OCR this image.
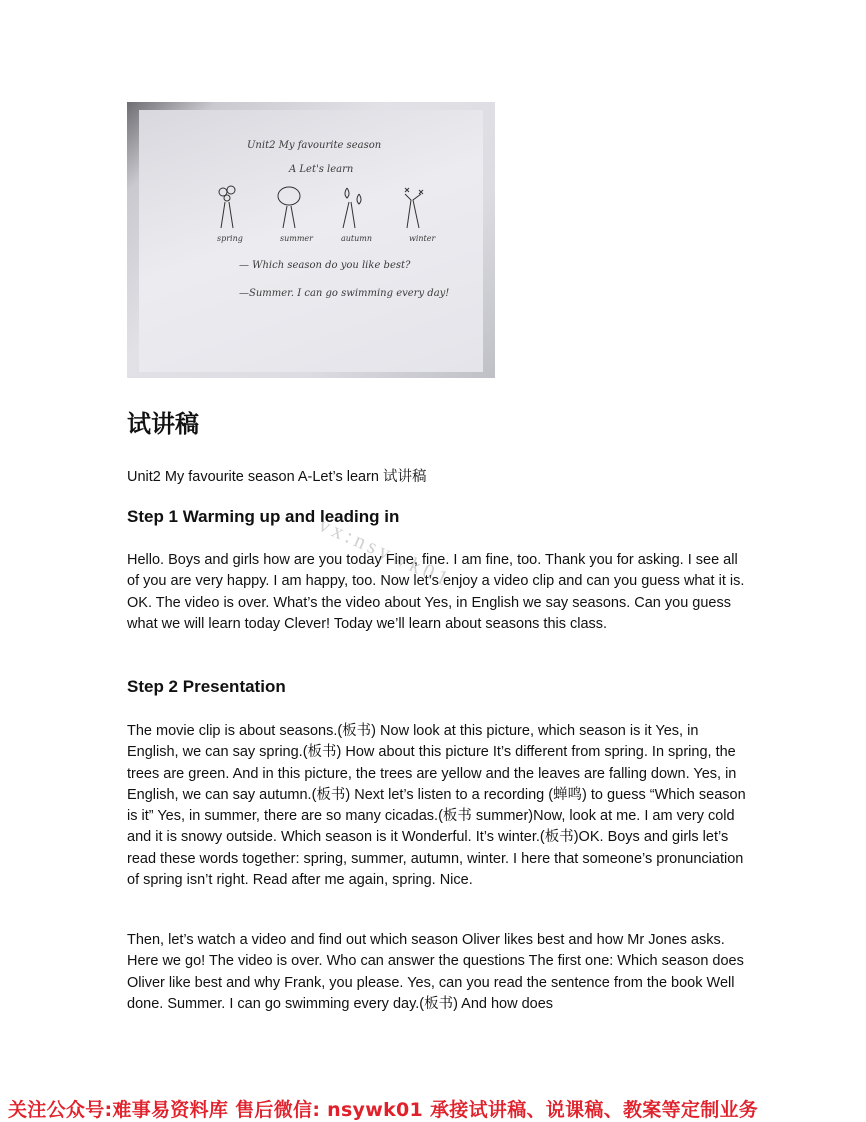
Unit2 My favourite season
A Let's learn
spring	summer	autumn	winter
— Which season do you like best?
—Summer. I can go swimming every day!
试讲稿

Unit2 My favourite season A-Let’s learn 试讲稿

Step 1 Warming up and leading in

Hello. Boys and girls how are you today Fine, fine. I am fine, too. Thank you for asking. I see all of you are very happy. I am happy, too. Now let’s enjoy a video clip and can you guess what it is. OK. The video is over. What’s the video about Yes, in English we say seasons. Can you guess what we will learn today Clever! Today we’ll learn about seasons this class.

Step 2 Presentation

The movie clip is about seasons.(板书) Now look at this picture, which season is it Yes, in English, we can say spring.(板书) How about this picture It’s different from spring. In spring, the trees are green. And in this picture, the trees are yellow and the leaves are falling down. Yes, in English, we can say autumn.(板书) Next let’s listen to a recording (蝉鸣) to guess “Which season is it” Yes, in summer, there are so many cicadas.(板书 summer)Now, look at me. I am very cold and it is snowy outside. Which season is it Wonderful. It’s winter.(板书)OK. Boys and girls let’s read these words together: spring, summer, autumn, winter. I here that someone’s pronunciation of spring isn’t right. Read after me again, spring. Nice.

Then, let’s watch a video and find out which season Oliver likes best and how Mr Jones asks. Here we go! The video is over. Who can answer the questions The first one: Which season does Oliver like best and why Frank, you please. Yes, can you read the sentence from the book Well done. Summer. I can go swimming every day.(板书) And how does

vx:nsywk01
关注公众号:难事易资料库 售后微信: nsywk01 承接试讲稿、说课稿、教案等定制业务
